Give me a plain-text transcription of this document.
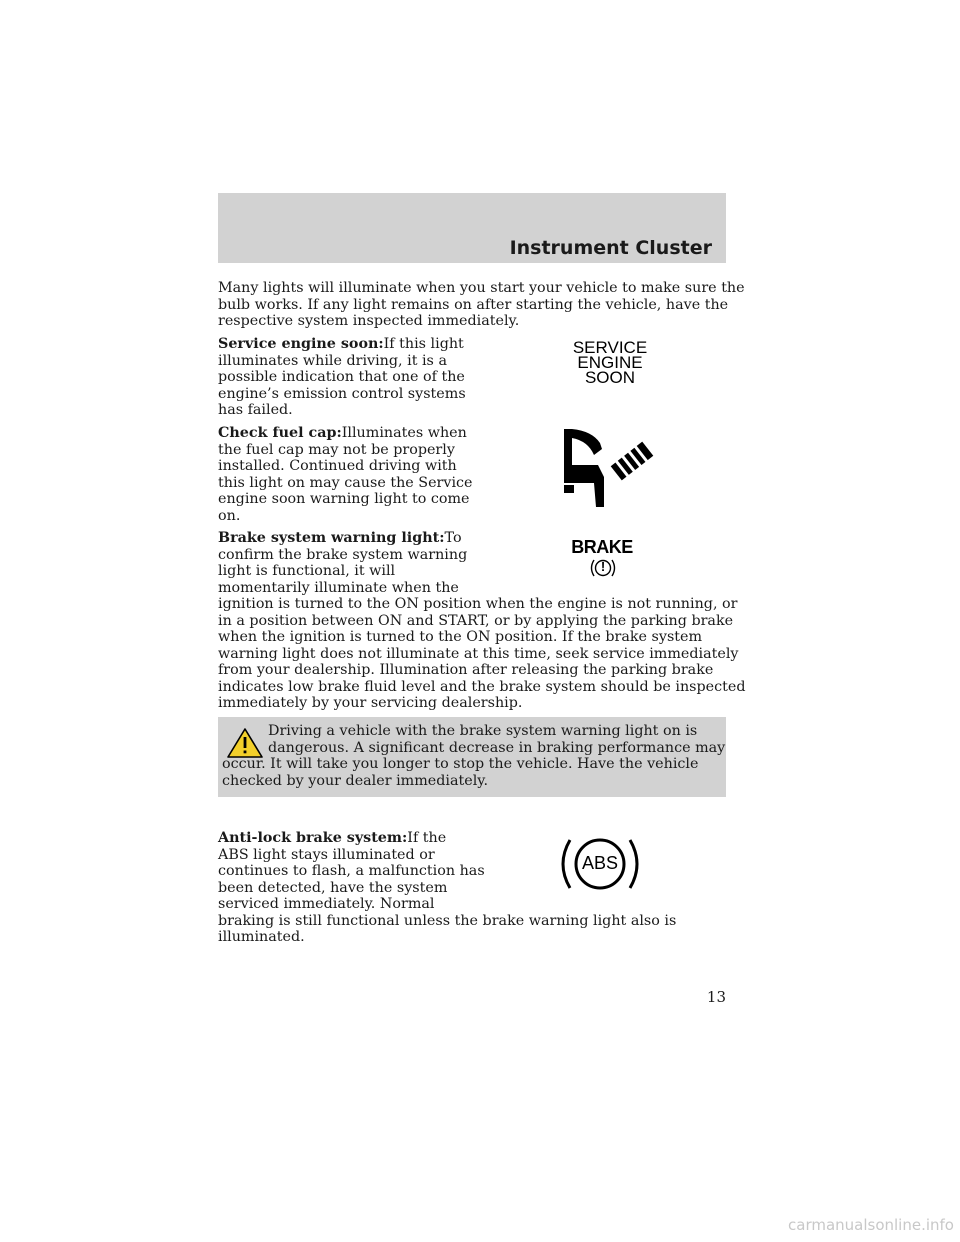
Instrument Cluster

Many lights will illuminate when you start your vehicle to make sure the

bulb works. If any light remains on after starting the vehicle, have the

respective system inspected immediately.

Service engine soon:If this light

illuminates while driving, it is a

possible indication that one of the

engine’s emission control systems

has failed.

SERVICE
ENGINE
SOON

Check fuel cap:Illuminates when

the fuel cap may not be properly

installed. Continued driving with

this light on may cause the Service

engine soon warning light to come

on.

Brake system warning light:To

confirm the brake system warning

light is functional, it will

momentarily illuminate when the

ignition is turned to the ON position when the engine is not running, or

in a position between ON and START, or by applying the parking brake

when the ignition is turned to the ON position. If the brake system

warning light does not illuminate at this time, seek service immediately

from your dealership. Illumination after releasing the parking brake

indicates low brake fluid level and the brake system should be inspected

immediately by your servicing dealership.

BRAKE
!
Driving a vehicle with the brake system warning light on is
dangerous. A significant decrease in braking performance may
occur. It will take you longer to stop the vehicle. Have the vehicle
checked by your dealer immediately.

Anti-lock brake system:If the

ABS light stays illuminated or

continues to flash, a malfunction has

been detected, have the system

serviced immediately. Normal

braking is still functional unless the brake warning light also is

illuminated.

ABS
13
carmanualsonline.info
